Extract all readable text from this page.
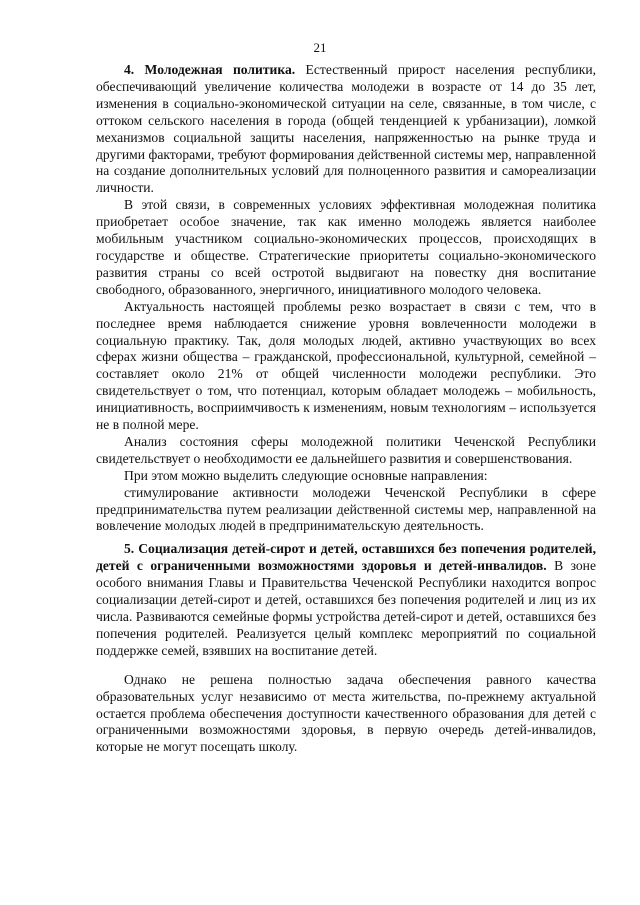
21

4. Молодежная политика. Естественный прирост населения республики, обеспечивающий увеличение количества молодежи в возрасте от 14 до 35 лет, изменения в социально-экономической ситуации на селе, связанные, в том числе, с оттоком сельского населения в города (общей тенденцией к урбанизации), ломкой механизмов социальной защиты населения, напряженностью на рынке труда и другими факторами, требуют формирования действенной системы мер, направленной на создание дополнительных условий для полноценного развития и самореализации личности.

В этой связи, в современных условиях эффективная молодежная политика приобретает особое значение, так как именно молодежь является наиболее мобильным участником социально-экономических процессов, происходящих в государстве и обществе. Стратегические приоритеты социально-экономического развития страны со всей остротой выдвигают на повестку дня воспитание свободного, образованного, энергичного, инициативного молодого человека.

Актуальность настоящей проблемы резко возрастает в связи с тем, что в последнее время наблюдается снижение уровня вовлеченности молодежи в социальную практику. Так, доля молодых людей, активно участвующих во всех сферах жизни общества – гражданской, профессиональной, культурной, семейной – составляет около 21% от общей численности молодежи республики. Это свидетельствует о том, что потенциал, которым обладает молодежь – мобильность, инициативность, восприимчивость к изменениям, новым технологиям – используется не в полной мере.

Анализ состояния сферы молодежной политики Чеченской Республики свидетельствует о необходимости ее дальнейшего развития и совершенствования.

При этом можно выделить следующие основные направления:

стимулирование активности молодежи Чеченской Республики в сфере предпринимательства путем реализации действенной системы мер, направленной на вовлечение молодых людей в предпринимательскую деятельность.

5. Социализация детей-сирот и детей, оставшихся без попечения родителей, детей с ограниченными возможностями здоровья и детей-инвалидов. В зоне особого внимания Главы и Правительства Чеченской Республики находится вопрос социализации детей-сирот и детей, оставшихся без попечения родителей и лиц из их числа. Развиваются семейные формы устройства детей-сирот и детей, оставшихся без попечения родителей. Реализуется целый комплекс мероприятий по социальной поддержке семей, взявших на воспитание детей.

Однако не решена полностью задача обеспечения равного качества образовательных услуг независимо от места жительства, по-прежнему актуальной остается проблема обеспечения доступности качественного образования для детей с ограниченными возможностями здоровья, в первую очередь детей-инвалидов, которые не могут посещать школу.
